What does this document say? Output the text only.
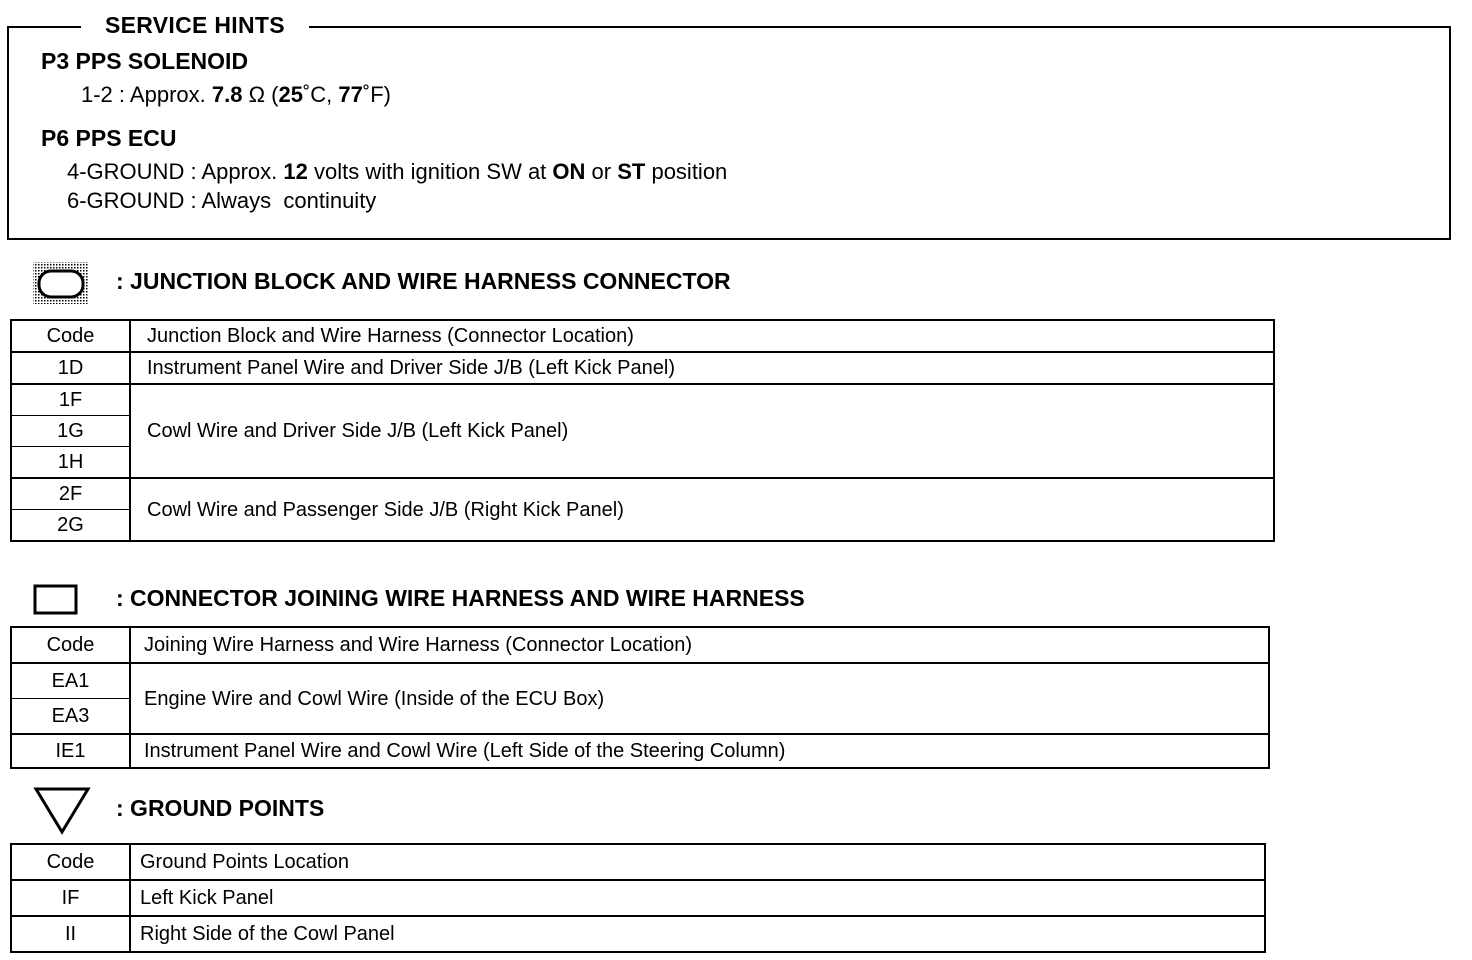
SERVICE HINTS
P3 PPS SOLENOID
1-2 : Approx. 7.8 Ω (25˚C, 77˚F)
P6 PPS ECU
4-GROUND : Approx. 12 volts with ignition SW at ON or ST position
6-GROUND : Always  continuity
: JUNCTION BLOCK AND WIRE HARNESS CONNECTOR
Code	Junction Block and Wire Harness (Connector Location)
1D	Instrument Panel Wire and Driver Side J/B (Left Kick Panel)
1F	Cowl Wire and Driver Side J/B (Left Kick Panel)
1G	
1H	
2F	Cowl Wire and Passenger Side J/B (Right Kick Panel)
2G	
: CONNECTOR JOINING WIRE HARNESS AND WIRE HARNESS
Code	Joining Wire Harness and Wire Harness (Connector Location)
EA1	Engine Wire and Cowl Wire (Inside of the ECU Box)
EA3	
IE1	Instrument Panel Wire and Cowl Wire (Left Side of the Steering Column)
: GROUND POINTS
Code	Ground Points Location
IF	Left Kick Panel
II	Right Side of the Cowl Panel
